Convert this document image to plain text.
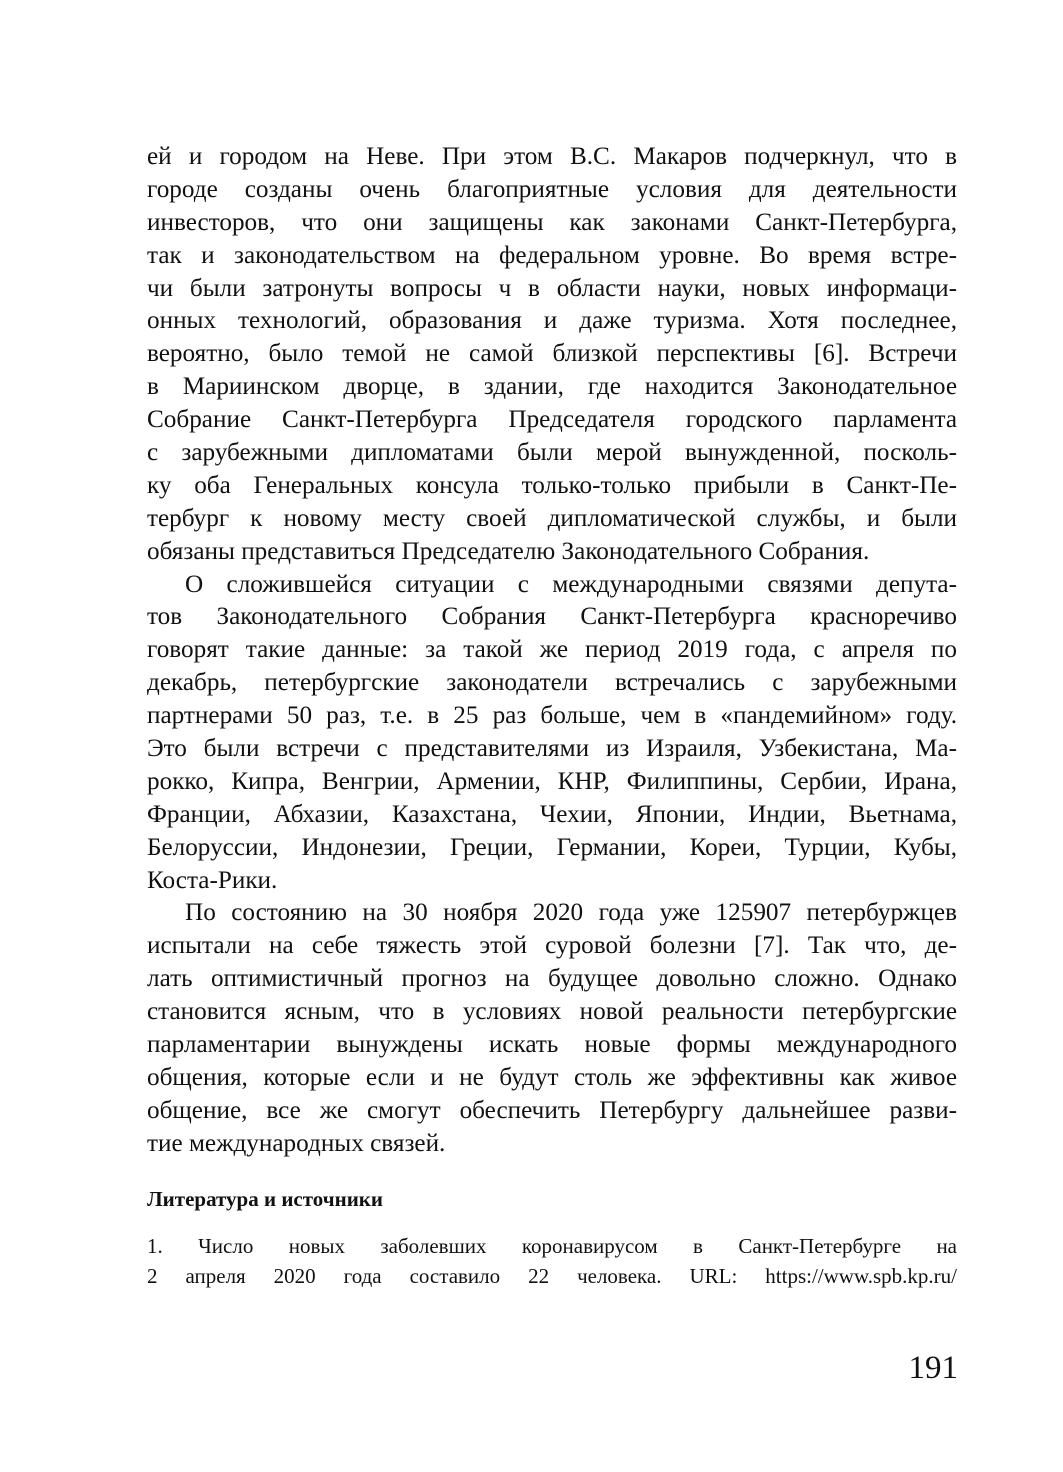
ей и городом на Неве. При этом В.С. Макаров подчеркнул, что в
городе созданы очень благоприятные условия для деятельности
инвесторов, что они защищены как законами Санкт-Петербурга,
так и законодательством на федеральном уровне. Во время встре-
чи были затронуты вопросы ч в области науки, новых информаци-
онных технологий, образования и даже туризма. Хотя последнее,
вероятно, было темой не самой близкой перспективы [6]. Встречи
в Мариинском дворце, в здании, где находится Законодательное
Собрание Санкт-Петербурга Председателя городского парламента
с зарубежными дипломатами были мерой вынужденной, посколь-
ку оба Генеральных консула только-только прибыли в Санкт-Пе-
тербург к новому месту своей дипломатической службы, и были
обязаны представиться Председателю Законодательного Собрания.
О сложившейся ситуации с международными связями депута-
тов Законодательного Собрания Санкт-Петербурга красноречиво
говорят такие данные: за такой же период 2019 года, с апреля по
декабрь, петербургские законодатели встречались с зарубежными
партнерами 50 раз, т.е. в 25 раз больше, чем в «пандемийном» году.
Это были встречи с представителями из Израиля, Узбекистана, Ма-
рокко, Кипра, Венгрии, Армении, КНР, Филиппины, Сербии, Ирана,
Франции, Абхазии, Казахстана, Чехии, Японии, Индии, Вьетнама,
Белоруссии, Индонезии, Греции, Германии, Кореи, Турции, Кубы,
Коста-Рики.
По состоянию на 30 ноября 2020 года уже 125907 петербуржцев
испытали на себе тяжесть этой суровой болезни [7]. Так что, де-
лать оптимистичный прогноз на будущее довольно сложно. Однако
становится ясным, что в условиях новой реальности петербургские
парламентарии вынуждены искать новые формы международного
общения, которые если и не будут столь же эффективны как живое
общение, все же смогут обеспечить Петербургу дальнейшее разви-
тие международных связей.
Литература и источники
1. Число новых заболевших коронавирусом в Санкт-Петербурге на
2 апреля 2020 года составило 22 человека. URL: https://www.spb.kp.ru/
191
